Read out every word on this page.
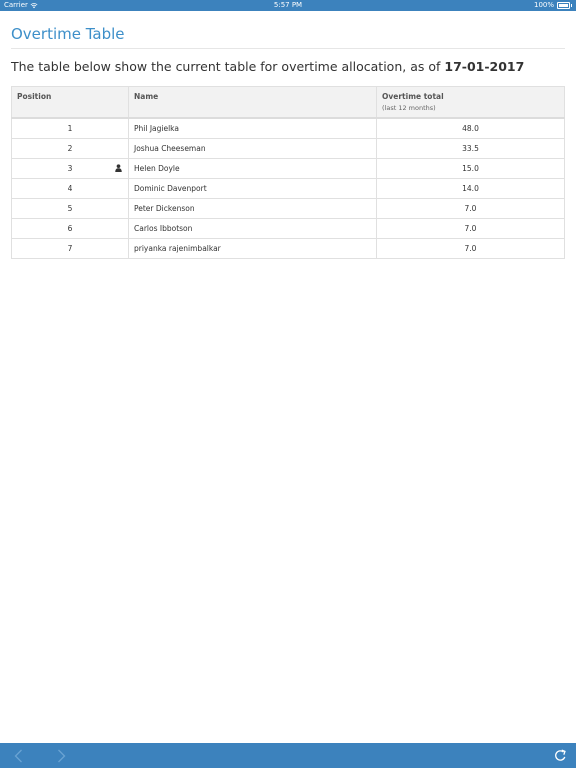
Carrier	5:57 PM	100%
Overtime Table

The table below show the current table for overtime allocation, as of 17-01-2017

Position	Name	Overtime total
(last 12 months)

1	Phil Jagielka	48.0
2	Joshua Cheeseman	33.5
3	Helen Doyle	15.0
4	Dominic Davenport	14.0
5	Peter Dickenson	7.0
6	Carlos Ibbotson	7.0
7	priyanka rajenimbalkar	7.0
